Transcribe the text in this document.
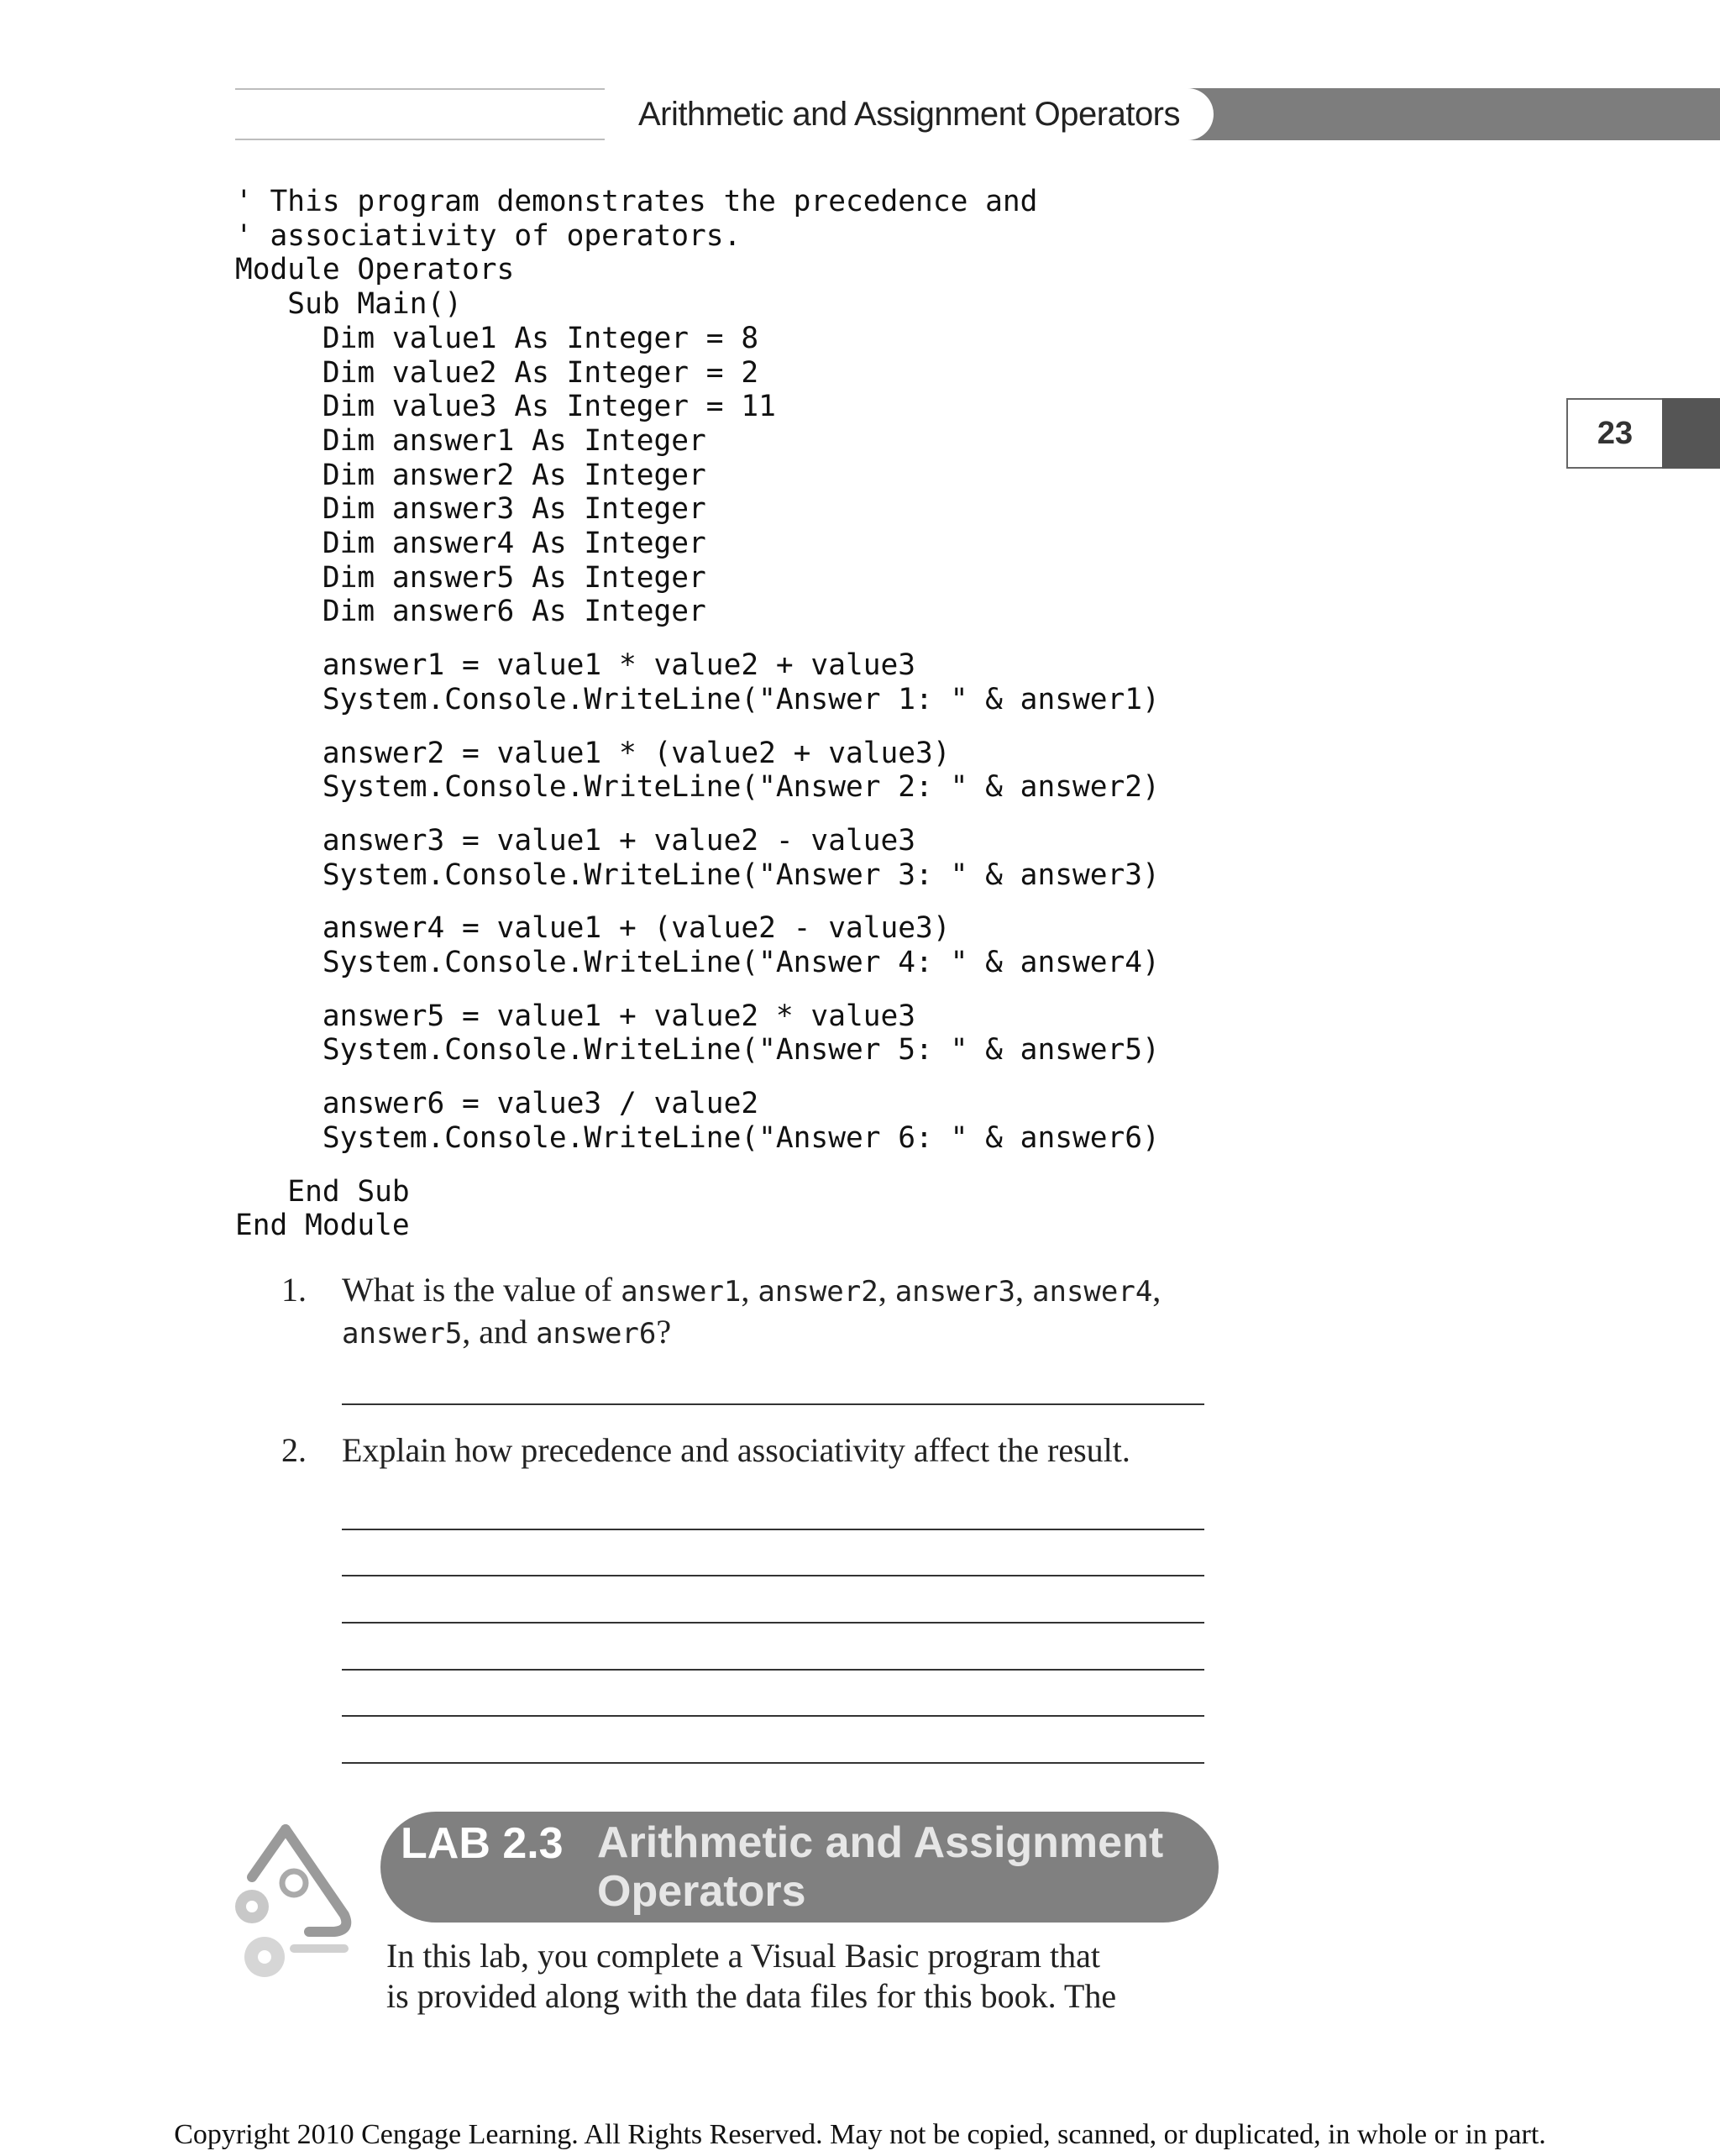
Arithmetic and Assignment Operators
23
' This program demonstrates the precedence and
' associativity of operators.
Module Operators
Sub Main()
Dim value1 As Integer = 8
Dim value2 As Integer = 2
Dim value3 As Integer = 11
Dim answer1 As Integer
Dim answer2 As Integer
Dim answer3 As Integer
Dim answer4 As Integer
Dim answer5 As Integer
Dim answer6 As Integer
answer1 = value1 * value2 + value3
System.Console.WriteLine("Answer 1: " & answer1)
answer2 = value1 * (value2 + value3)
System.Console.WriteLine("Answer 2: " & answer2)
answer3 = value1 + value2 - value3
System.Console.WriteLine("Answer 3: " & answer3)
answer4 = value1 + (value2 - value3)
System.Console.WriteLine("Answer 4: " & answer4)
answer5 = value1 + value2 * value3
System.Console.WriteLine("Answer 5: " & answer5)
answer6 = value3 / value2
System.Console.WriteLine("Answer 6: " & answer6)
End Sub
End Module
1. What is the value of answer1, answer2, answer3, answer4,
answer5, and answer6?
2. Explain how precedence and associativity affect the result.
LAB 2.3 Arithmetic and Assignment
Operators
In this lab, you complete a Visual Basic program that
is provided along with the data files for this book. The
Copyright 2010 Cengage Learning. All Rights Reserved. May not be copied, scanned, or duplicated, in whole or in part.
